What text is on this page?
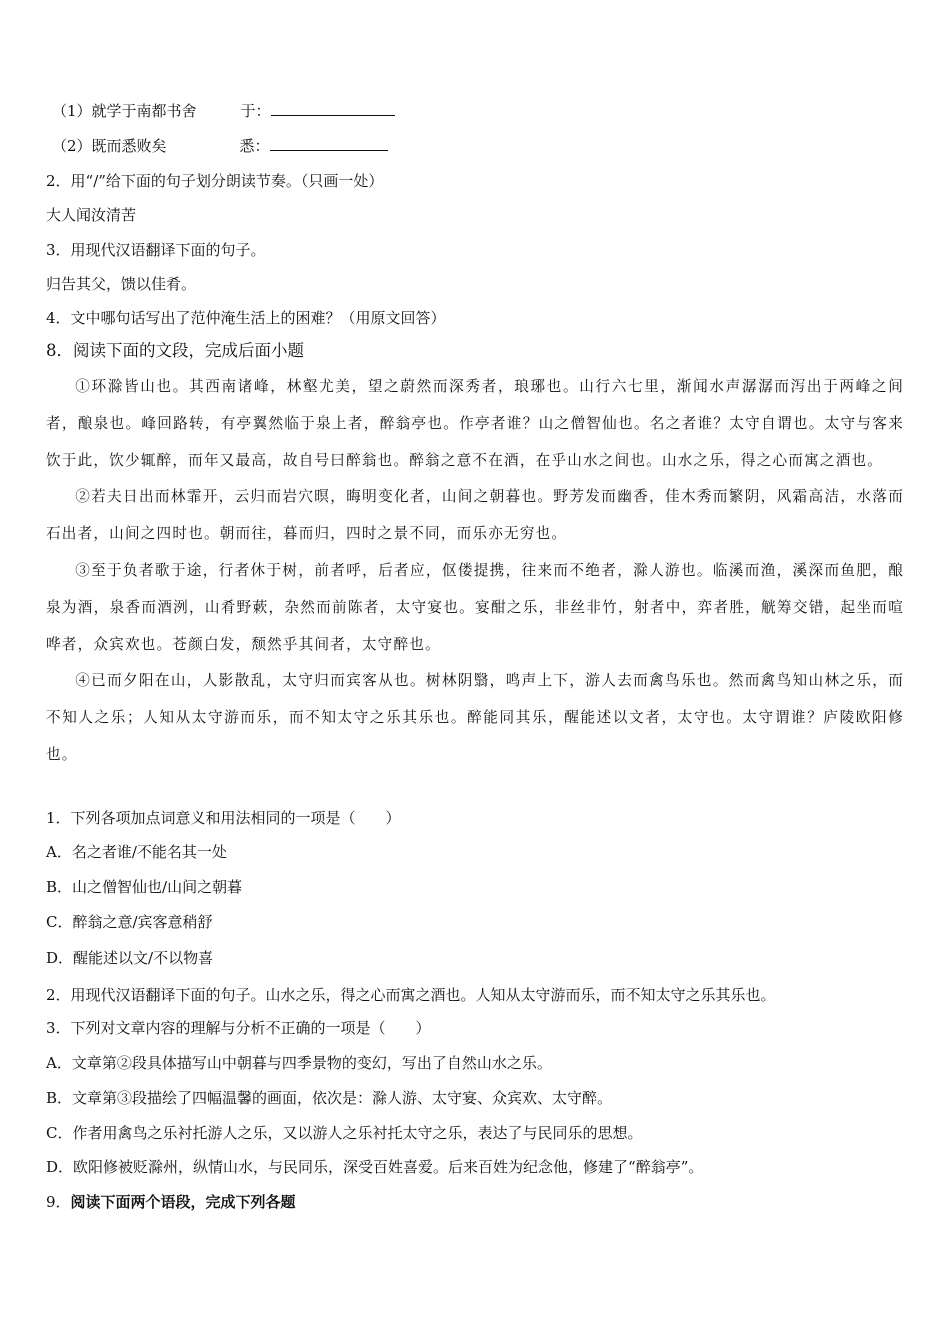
（1）就学于南都书舍	于：
（2）既而悉败矣	悉：
2．用“/”给下面的句子划分朗读节奏。（只画一处）
大人闻汝清苦
3．用现代汉语翻译下面的句子。
归告其父，馈以佳肴。
4．文中哪句话写出了范仲淹生活上的困难？（用原文回答）
8．阅读下面的文段，完成后面小题

①环滁皆山也。其西南诸峰，林壑尤美，望之蔚然而深秀者，琅琊也。山行六七里，渐闻水声潺潺而泻出于两峰之间者，酿泉也。峰回路转，有亭翼然临于泉上者，醉翁亭也。作亭者谁？山之僧智仙也。名之者谁？太守自谓也。太守与客来饮于此，饮少辄醉，而年又最高，故自号曰醉翁也。醉翁之意不在酒，在乎山水之间也。山水之乐，得之心而寓之酒也。

②若夫日出而林霏开，云归而岩穴暝，晦明变化者，山间之朝暮也。野芳发而幽香，佳木秀而繁阴，风霜高洁，水落而石出者，山间之四时也。朝而往，暮而归，四时之景不同，而乐亦无穷也。

③至于负者歌于途，行者休于树，前者呼，后者应，伛偻提携，往来而不绝者，滁人游也。临溪而渔，溪深而鱼肥，酿泉为酒，泉香而酒洌，山肴野蔌，杂然而前陈者，太守宴也。宴酣之乐，非丝非竹，射者中，弈者胜，觥筹交错，起坐而喧哗者，众宾欢也。苍颜白发，颓然乎其间者，太守醉也。

④已而夕阳在山，人影散乱，太守归而宾客从也。树林阴翳，鸣声上下，游人去而禽鸟乐也。然而禽鸟知山林之乐，而不知人之乐；人知从太守游而乐，而不知太守之乐其乐也。醉能同其乐，醒能述以文者，太守也。太守谓谁？庐陵欧阳修也。

1．下列各项加点词意义和用法相同的一项是（　　）
A．名之者谁/不能名其一处
B．山之僧智仙也/山间之朝暮
C．醉翁之意/宾客意稍舒
D．醒能述以文/不以物喜
2．用现代汉语翻译下面的句子。山水之乐，得之心而寓之酒也。人知从太守游而乐，而不知太守之乐其乐也。
3．下列对文章内容的理解与分析不正确的一项是（　　）
A．文章第②段具体描写山中朝暮与四季景物的变幻，写出了自然山水之乐。
B．文章第③段描绘了四幅温馨的画面，依次是：滁人游、太守宴、众宾欢、太守醉。
C．作者用禽鸟之乐衬托游人之乐，又以游人之乐衬托太守之乐，表达了与民同乐的思想。
D．欧阳修被贬滁州，纵情山水，与民同乐，深受百姓喜爱。后来百姓为纪念他，修建了“醉翁亭”。
9．阅读下面两个语段，完成下列各题
